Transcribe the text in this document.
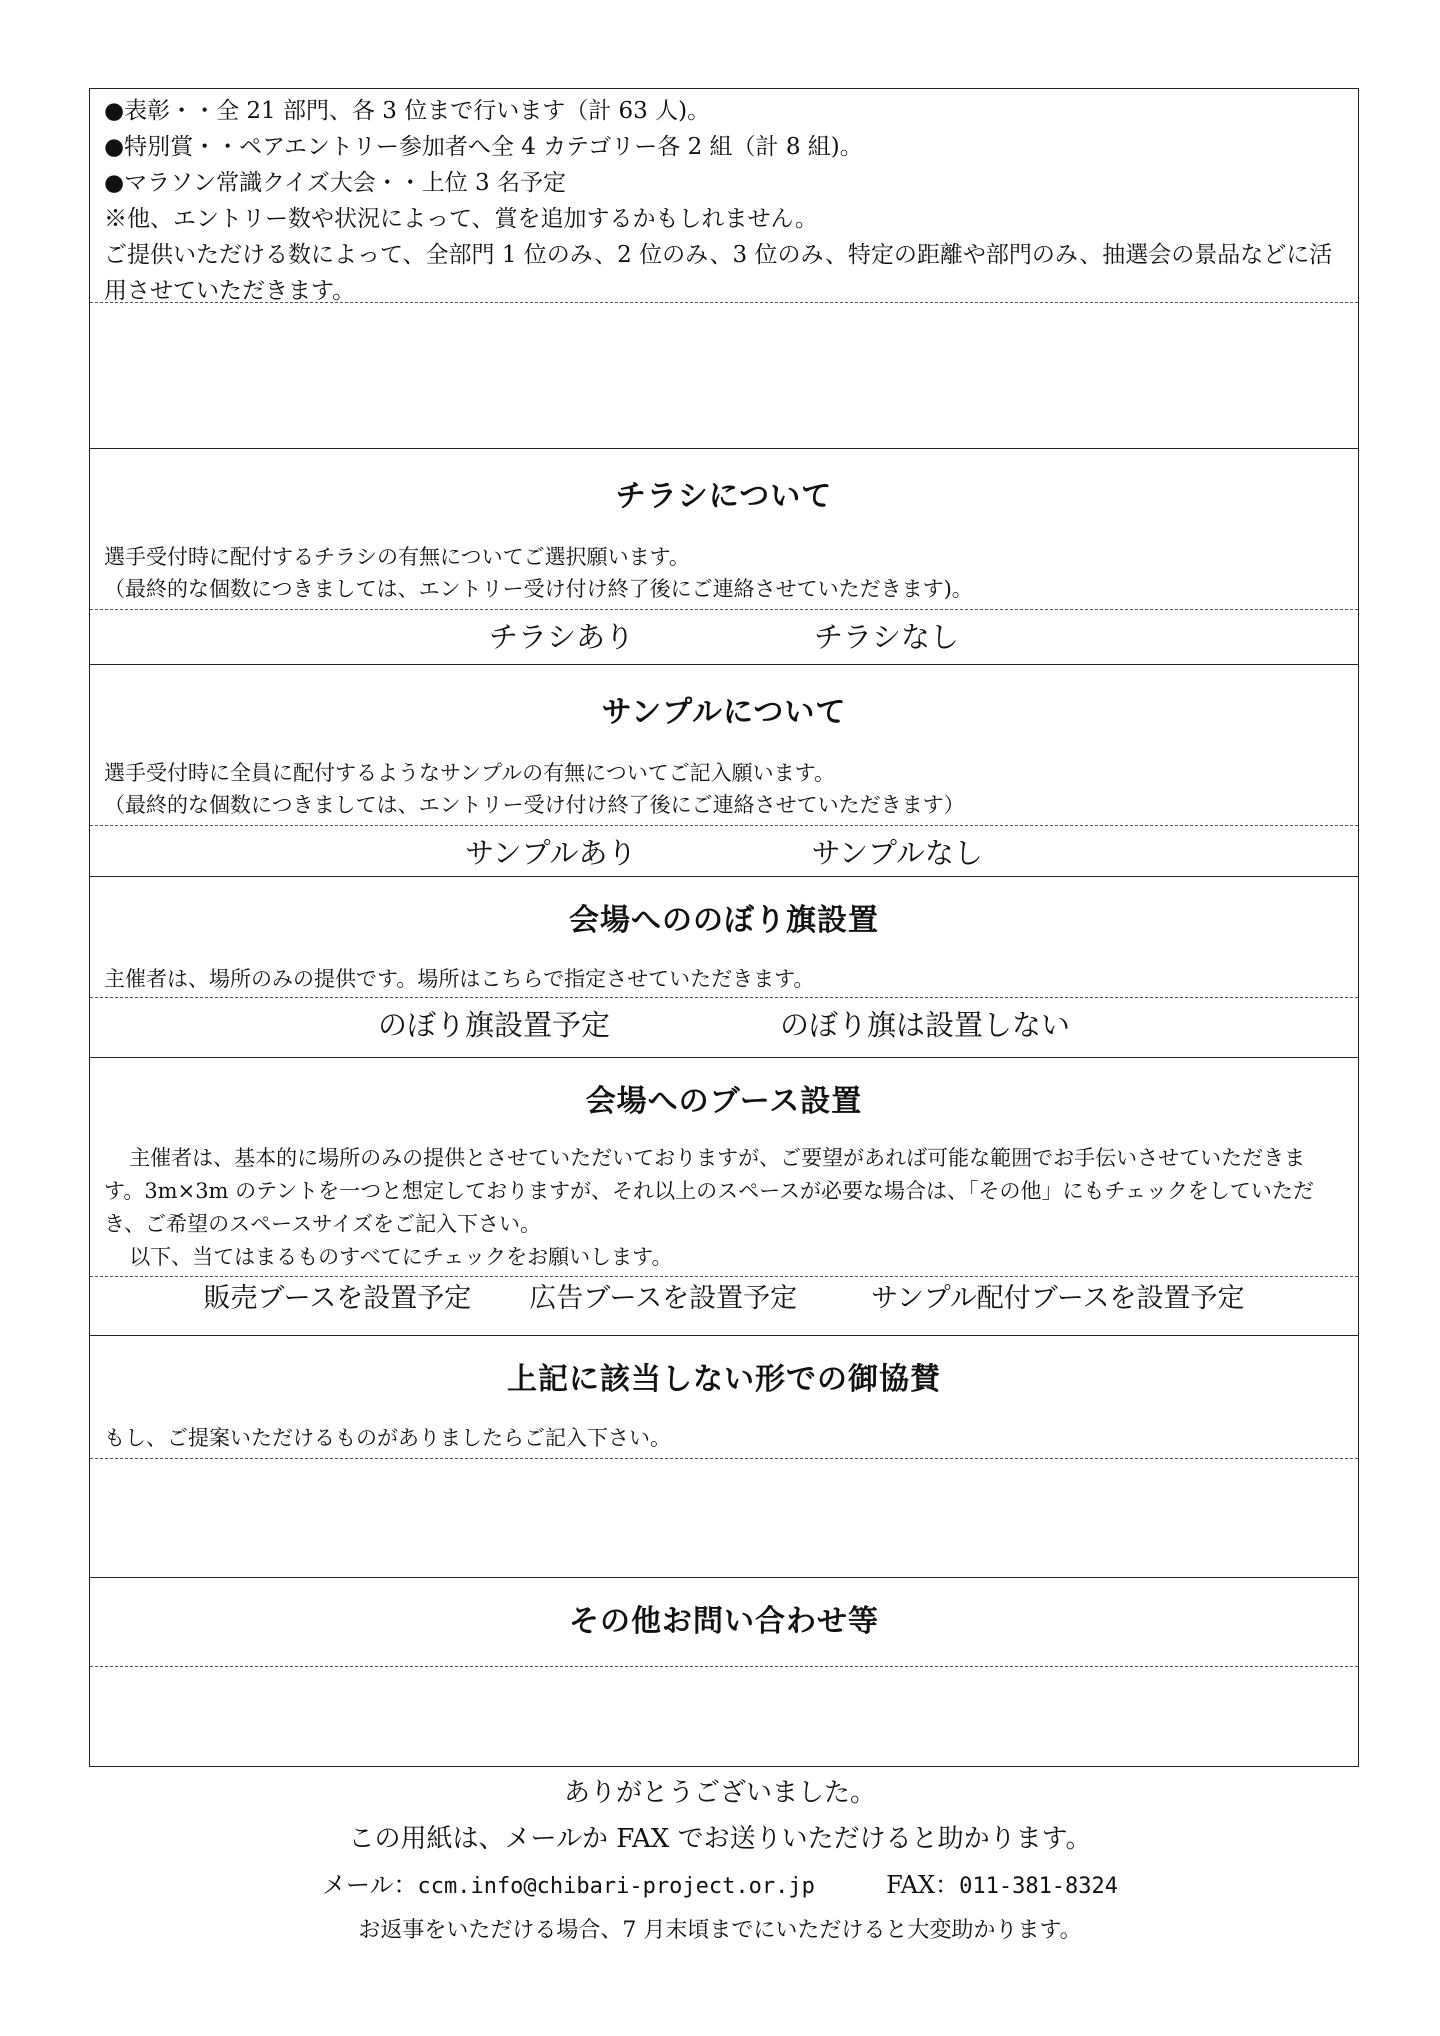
●表彰・・全 21 部門、各 3 位まで行います（計 63 人)。
●特別賞・・ペアエントリー参加者へ全 4 カテゴリー各 2 組（計 8 組)。
●マラソン常識クイズ大会・・上位 3 名予定
※他、エントリー数や状況によって、賞を追加するかもしれません。
ご提供いただける数によって、全部門 1 位のみ、2 位のみ、3 位のみ、特定の距離や部門のみ、抽選会の景品などに活用させていただきます。
チラシについて
選手受付時に配付するチラシの有無についてご選択願います。
（最終的な個数につきましては、エントリー受け付け終了後にご連絡させていただきます)。
チラシあり	チラシなし
サンプルについて
選手受付時に全員に配付するようなサンプルの有無についてご記入願います。
（最終的な個数につきましては、エントリー受け付け終了後にご連絡させていただきます）
サンプルあり	サンプルなし
会場へののぼり旗設置
主催者は、場所のみの提供です。場所はこちらで指定させていただきます。
のぼり旗設置予定	のぼり旗は設置しない
会場へのブース設置
主催者は、基本的に場所のみの提供とさせていただいておりますが、ご要望があれば可能な範囲でお手伝いさせていただきます。3m×3m のテントを一つと想定しておりますが、それ以上のスペースが必要な場合は、「その他」にもチェックをしていただき、ご希望のスペースサイズをご記入下さい。
以下、当てはまるものすべてにチェックをお願いします。
販売ブースを設置予定 広告ブースを設置予定	サンプル配付ブースを設置予定
上記に該当しない形での御協賛
もし、ご提案いただけるものがありましたらご記入下さい。
その他お問い合わせ等
ありがとうございました。
この用紙は、メールか FAX でお送りいただけると助かります。
メール：ccm.info@chibari-project.or.jp	FAX：011-381-8324
お返事をいただける場合、7 月末頃までにいただけると大変助かります。
